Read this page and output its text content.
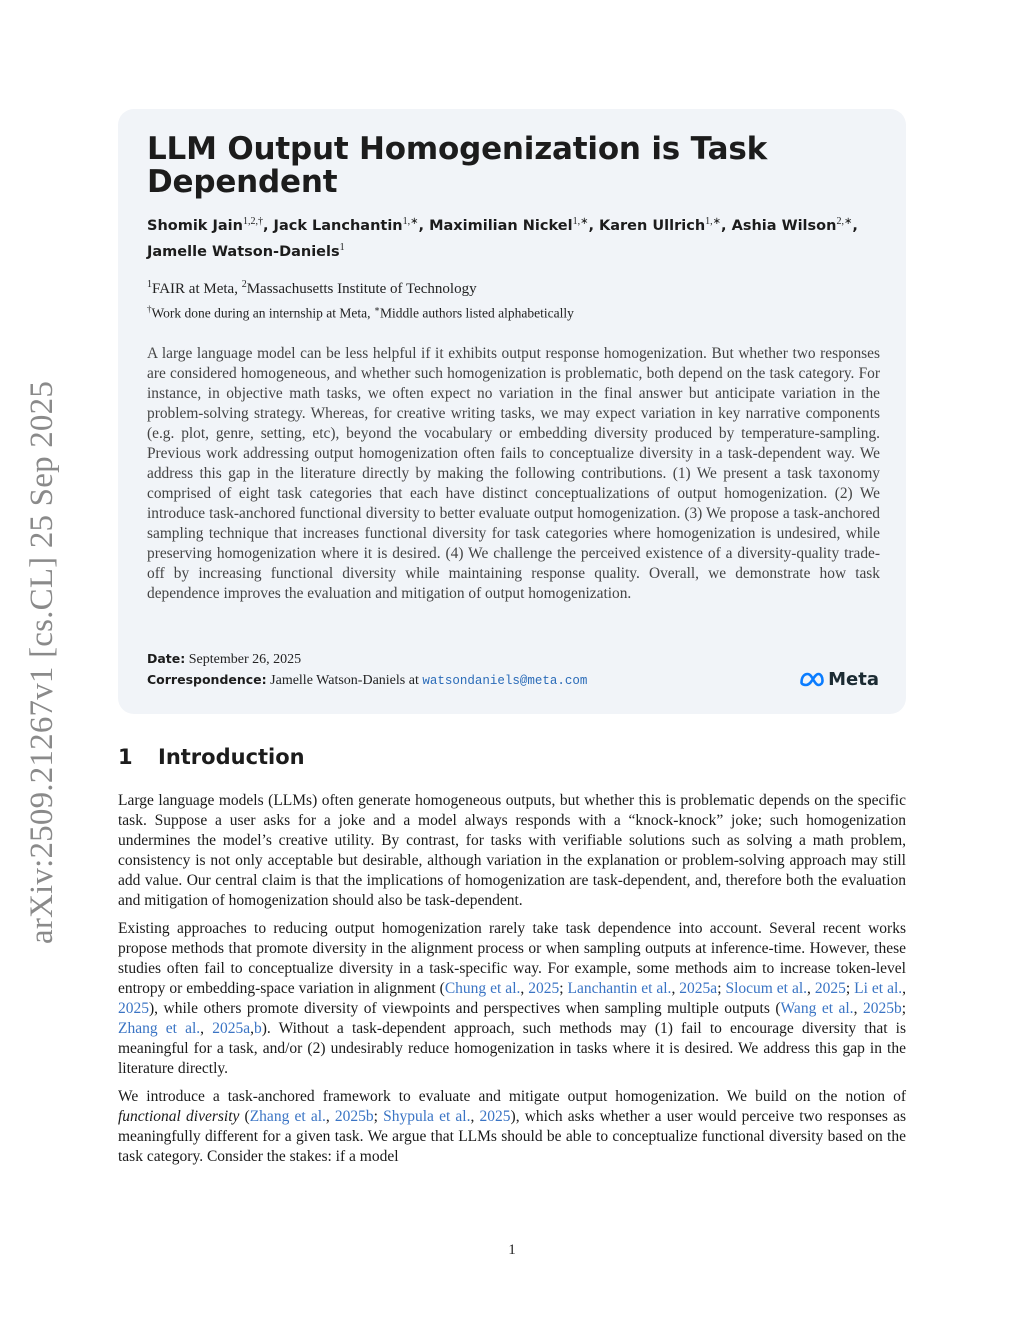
arXiv:2509.21267v1 [cs.CL] 25 Sep 2025
LLM Output Homogenization is Task Dependent
Shomik Jain$^{1,2,\dagger}$, Jack Lanchantin$^{1,∗}$, Maximilian Nickel$^{1,∗}$, Karen Ullrich$^{1,∗}$, Ashia Wilson$^{2,∗}$,
Jamelle Watson-Daniels$^1$
$^1$FAIR at Meta, $^2$Massachusetts Institute of Technology
†Work done during an internship at Meta, ∗Middle authors listed alphabetically
A large language model can be less helpful if it exhibits output response homogenization. But whether two responses are considered homogeneous, and whether such homogenization is problematic, both depend on the task category. For instance, in objective math tasks, we often expect no variation in the final answer but anticipate variation in the problem-solving strategy. Whereas, for creative writing tasks, we may expect variation in key narrative components (e.g. plot, genre, setting, etc), beyond the vocabulary or embedding diversity produced by temperature-sampling. Previous work addressing output homogenization often fails to conceptualize diversity in a task-dependent way. We address this gap in the literature directly by making the following contributions. (1) We present a task taxonomy comprised of eight task categories that each have distinct conceptualizations of output homogenization. (2) We introduce task-anchored functional diversity to better evaluate output homogenization. (3) We propose a task-anchored sampling technique that increases functional diversity for task categories where homogenization is undesired, while preserving homogenization where it is desired. (4) We challenge the perceived existence of a diversity-quality trade-off by increasing functional diversity while maintaining response quality. Overall, we demonstrate how task dependence improves the evaluation and mitigation of output homogenization.
Date: September 26, 2025
Correspondence: Jamelle Watson-Daniels at watsondaniels@meta.com	Meta
1 Introduction

Large language models (LLMs) often generate homogeneous outputs, but whether this is problematic depends on the specific task. Suppose a user asks for a joke and a model always responds with a “knock-knock” joke; such homogenization undermines the model’s creative utility. By contrast, for tasks with verifiable solutions such as solving a math problem, consistency is not only acceptable but desirable, although variation in the explanation or problem-solving approach may still add value. Our central claim is that the implications of homogenization are task-dependent, and, therefore both the evaluation and mitigation of homogenization should also be task-dependent.

Existing approaches to reducing output homogenization rarely take task dependence into account. Several recent works propose methods that promote diversity in the alignment process or when sampling outputs at inference-time. However, these studies often fail to conceptualize diversity in a task-specific way. For example, some methods aim to increase token-level entropy or embedding-space variation in alignment (Chung et al., 2025; Lanchantin et al., 2025a; Slocum et al., 2025; Li et al., 2025), while others promote diversity of viewpoints and perspectives when sampling multiple outputs (Wang et al., 2025b; Zhang et al., 2025a,b). Without a task-dependent approach, such methods may (1) fail to encourage diversity that is meaningful for a task, and/or (2) undesirably reduce homogenization in tasks where it is desired. We address this gap in the literature directly.

We introduce a task-anchored framework to evaluate and mitigate output homogenization. We build on the notion of functional diversity (Zhang et al., 2025b; Shypula et al., 2025), which asks whether a user would perceive two responses as meaningfully different for a given task. We argue that LLMs should be able to conceptualize functional diversity based on the task category. Consider the stakes: if a model

1
